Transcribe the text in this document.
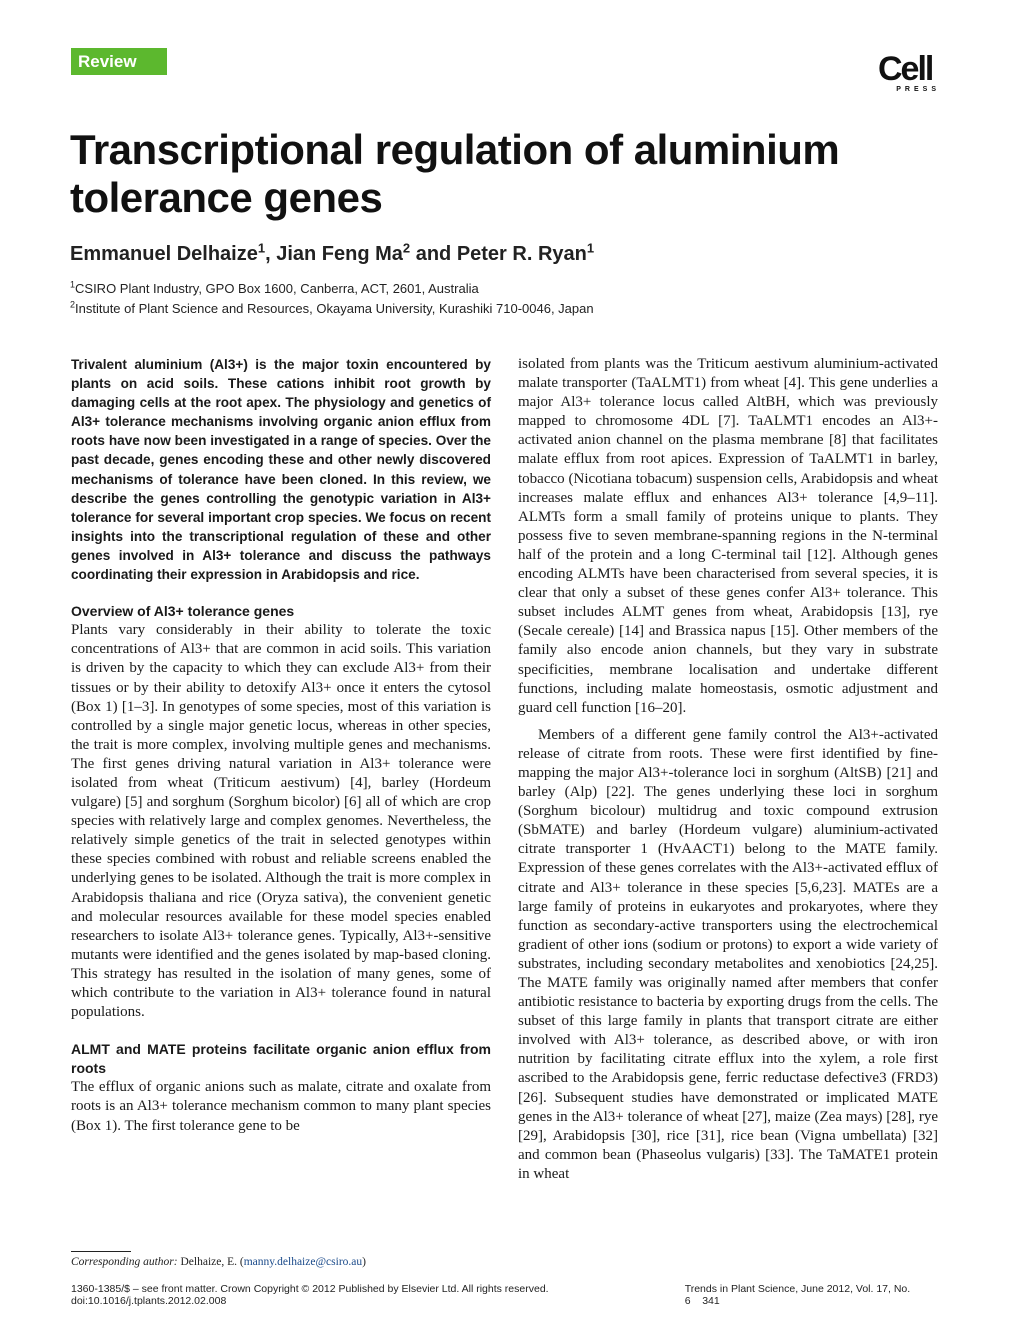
Review	Cell
PRESS
Transcriptional regulation of aluminium tolerance genes
Emmanuel Delhaize$^1$, Jian Feng Ma$^2$ and Peter R. Ryan$^1$
$^1$CSIRO Plant Industry, GPO Box 1600, Canberra, ACT, 2601, Australia
$^2$Institute of Plant Science and Resources, Okayama University, Kurashiki 710-0046, Japan

Trivalent aluminium (Al3+) is the major toxin encountered by plants on acid soils. These cations inhibit root growth by damaging cells at the root apex. The physiology and genetics of Al3+ tolerance mechanisms involving organic anion efflux from roots have now been investigated in a range of species. Over the past decade, genes encoding these and other newly discovered mechanisms of tolerance have been cloned. In this review, we describe the genes controlling the genotypic variation in Al3+ tolerance for several important crop species. We focus on recent insights into the transcriptional regulation of these and other genes involved in Al3+ tolerance and discuss the pathways coordinating their expression in Arabidopsis and rice.

Overview of Al3+ tolerance genes

Plants vary considerably in their ability to tolerate the toxic concentrations of Al3+ that are common in acid soils. This variation is driven by the capacity to which they can exclude Al3+ from their tissues or by their ability to detoxify Al3+ once it enters the cytosol (Box 1) [1–3]. In genotypes of some species, most of this variation is controlled by a single major genetic locus, whereas in other species, the trait is more complex, involving multiple genes and mechanisms. The first genes driving natural variation in Al3+ tolerance were isolated from wheat (Triticum aestivum) [4], barley (Hordeum vulgare) [5] and sorghum (Sorghum bicolor) [6] all of which are crop species with relatively large and complex genomes. Nevertheless, the relatively simple genetics of the trait in selected genotypes within these species combined with robust and reliable screens enabled the underlying genes to be isolated. Although the trait is more complex in Arabidopsis thaliana and rice (Oryza sativa), the convenient genetic and molecular resources available for these model species enabled researchers to isolate Al3+ tolerance genes. Typically, Al3+-sensitive mutants were identified and the genes isolated by map-based cloning. This strategy has resulted in the isolation of many genes, some of which contribute to the variation in Al3+ tolerance found in natural populations.

ALMT and MATE proteins facilitate organic anion efflux from roots

The efflux of organic anions such as malate, citrate and oxalate from roots is an Al3+ tolerance mechanism common to many plant species (Box 1). The first tolerance gene to be

isolated from plants was the Triticum aestivum aluminium-activated malate transporter (TaALMT1) from wheat [4]. This gene underlies a major Al3+ tolerance locus called AltBH, which was previously mapped to chromosome 4DL [7]. TaALMT1 encodes an Al3+-activated anion channel on the plasma membrane [8] that facilitates malate efflux from root apices. Expression of TaALMT1 in barley, tobacco (Nicotiana tobacum) suspension cells, Arabidopsis and wheat increases malate efflux and enhances Al3+ tolerance [4,9–11]. ALMTs form a small family of proteins unique to plants. They possess five to seven membrane-spanning regions in the N-terminal half of the protein and a long C-terminal tail [12]. Although genes encoding ALMTs have been characterised from several species, it is clear that only a subset of these genes confer Al3+ tolerance. This subset includes ALMT genes from wheat, Arabidopsis [13], rye (Secale cereale) [14] and Brassica napus [15]. Other members of the family also encode anion channels, but they vary in substrate specificities, membrane localisation and undertake different functions, including malate homeostasis, osmotic adjustment and guard cell function [16–20].

Members of a different gene family control the Al3+-activated release of citrate from roots. These were first identified by fine-mapping the major Al3+-tolerance loci in sorghum (AltSB) [21] and barley (Alp) [22]. The genes underlying these loci in sorghum (Sorghum bicolour) multidrug and toxic compound extrusion (SbMATE) and barley (Hordeum vulgare) aluminium-activated citrate transporter 1 (HvAACT1) belong to the MATE family. Expression of these genes correlates with the Al3+-activated efflux of citrate and Al3+ tolerance in these species [5,6,23]. MATEs are a large family of proteins in eukaryotes and prokaryotes, where they function as secondary-active transporters using the electrochemical gradient of other ions (sodium or protons) to export a wide variety of substrates, including secondary metabolites and xenobiotics [24,25]. The MATE family was originally named after members that confer antibiotic resistance to bacteria by exporting drugs from the cells. The subset of this large family in plants that transport citrate are either involved with Al3+ tolerance, as described above, or with iron nutrition by facilitating citrate efflux into the xylem, a role first ascribed to the Arabidopsis gene, ferric reductase defective3 (FRD3) [26]. Subsequent studies have demonstrated or implicated MATE genes in the Al3+ tolerance of wheat [27], maize (Zea mays) [28], rye [29], Arabidopsis [30], rice [31], rice bean (Vigna umbellata) [32] and common bean (Phaseolus vulgaris) [33]. The TaMATE1 protein in wheat

Corresponding author: Delhaize, E. (manny.delhaize@csiro.au)
1360-1385/$ – see front matter. Crown Copyright © 2012 Published by Elsevier Ltd. All rights reserved. doi:10.1016/j.tplants.2012.02.008
Trends in Plant Science, June 2012, Vol. 17, No. 6 341
